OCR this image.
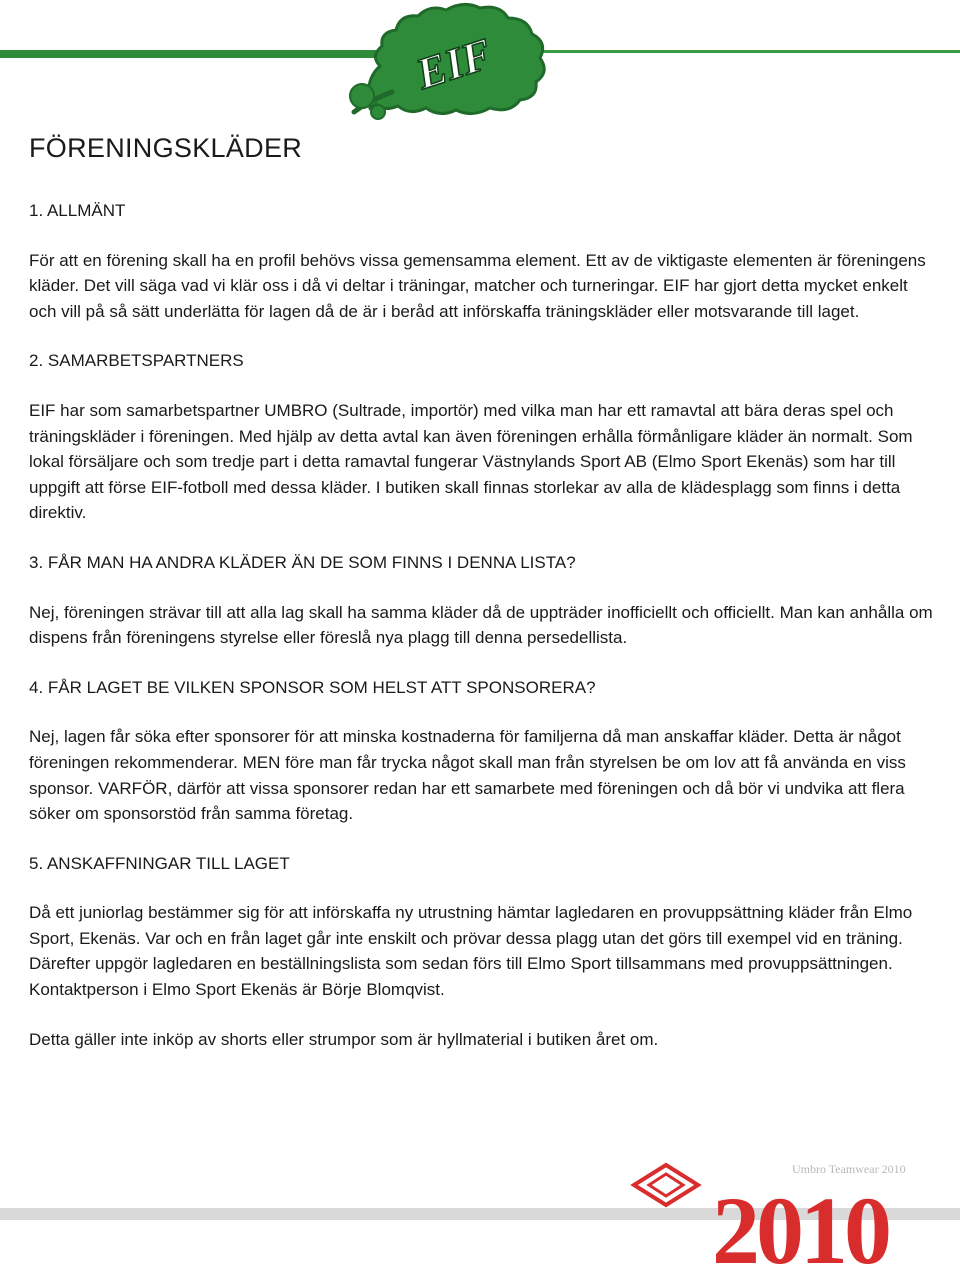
EIF
FÖRENINGSKLÄDER
1. ALLMÄNT

För att en förening skall ha en profil behövs vissa gemensamma element. Ett av de viktigaste elementen är föreningens kläder. Det vill säga vad vi klär oss i då vi deltar i träningar, matcher och turneringar. EIF har gjort detta mycket enkelt och vill på så sätt underlätta för lagen då de är i beråd att införskaffa träningskläder eller motsvarande till laget.

2. SAMARBETSPARTNERS

EIF har som samarbetspartner UMBRO (Sultrade, importör) med vilka man har ett ramavtal att bära deras spel och träningskläder i föreningen. Med hjälp av detta avtal kan även föreningen erhålla förmånligare kläder än normalt. Som lokal försäljare och som tredje part i detta ramavtal fungerar Västnylands Sport AB (Elmo Sport Ekenäs) som har till uppgift att förse EIF-fotboll med dessa kläder. I butiken skall finnas storlekar av alla de klädesplagg som finns i detta direktiv.

3. FÅR MAN HA ANDRA KLÄDER ÄN DE SOM FINNS I DENNA LISTA?

Nej, föreningen strävar till att alla lag skall ha samma kläder då de uppträder inofficiellt och officiellt. Man kan anhålla om dispens från föreningens styrelse eller föreslå nya plagg till denna persedellista.

4. FÅR LAGET BE VILKEN SPONSOR SOM HELST ATT SPONSORERA?

Nej, lagen får söka efter sponsorer för att minska kostnaderna för familjerna då man anskaffar kläder. Detta är något föreningen rekommenderar. MEN före man får trycka något skall man från styrelsen be om lov att få använda en viss sponsor. VARFÖR, därför att vissa sponsorer redan har ett samarbete med föreningen och då bör vi undvika att flera söker om sponsorstöd från samma företag.

5. ANSKAFFNINGAR TILL LAGET

Då ett juniorlag bestämmer sig för att införskaffa ny utrustning hämtar lagledaren en provuppsättning kläder från Elmo Sport, Ekenäs. Var och en från laget går inte enskilt och prövar dessa plagg utan det görs till exempel vid en träning. Därefter uppgör lagledaren en beställningslista som sedan förs till Elmo Sport tillsammans med provuppsättningen. Kontaktperson i Elmo Sport Ekenäs är Börje Blomqvist.

Detta gäller inte inköp av shorts eller strumpor som är hyllmaterial i butiken året om.

2010
Umbro Teamwear 2010
